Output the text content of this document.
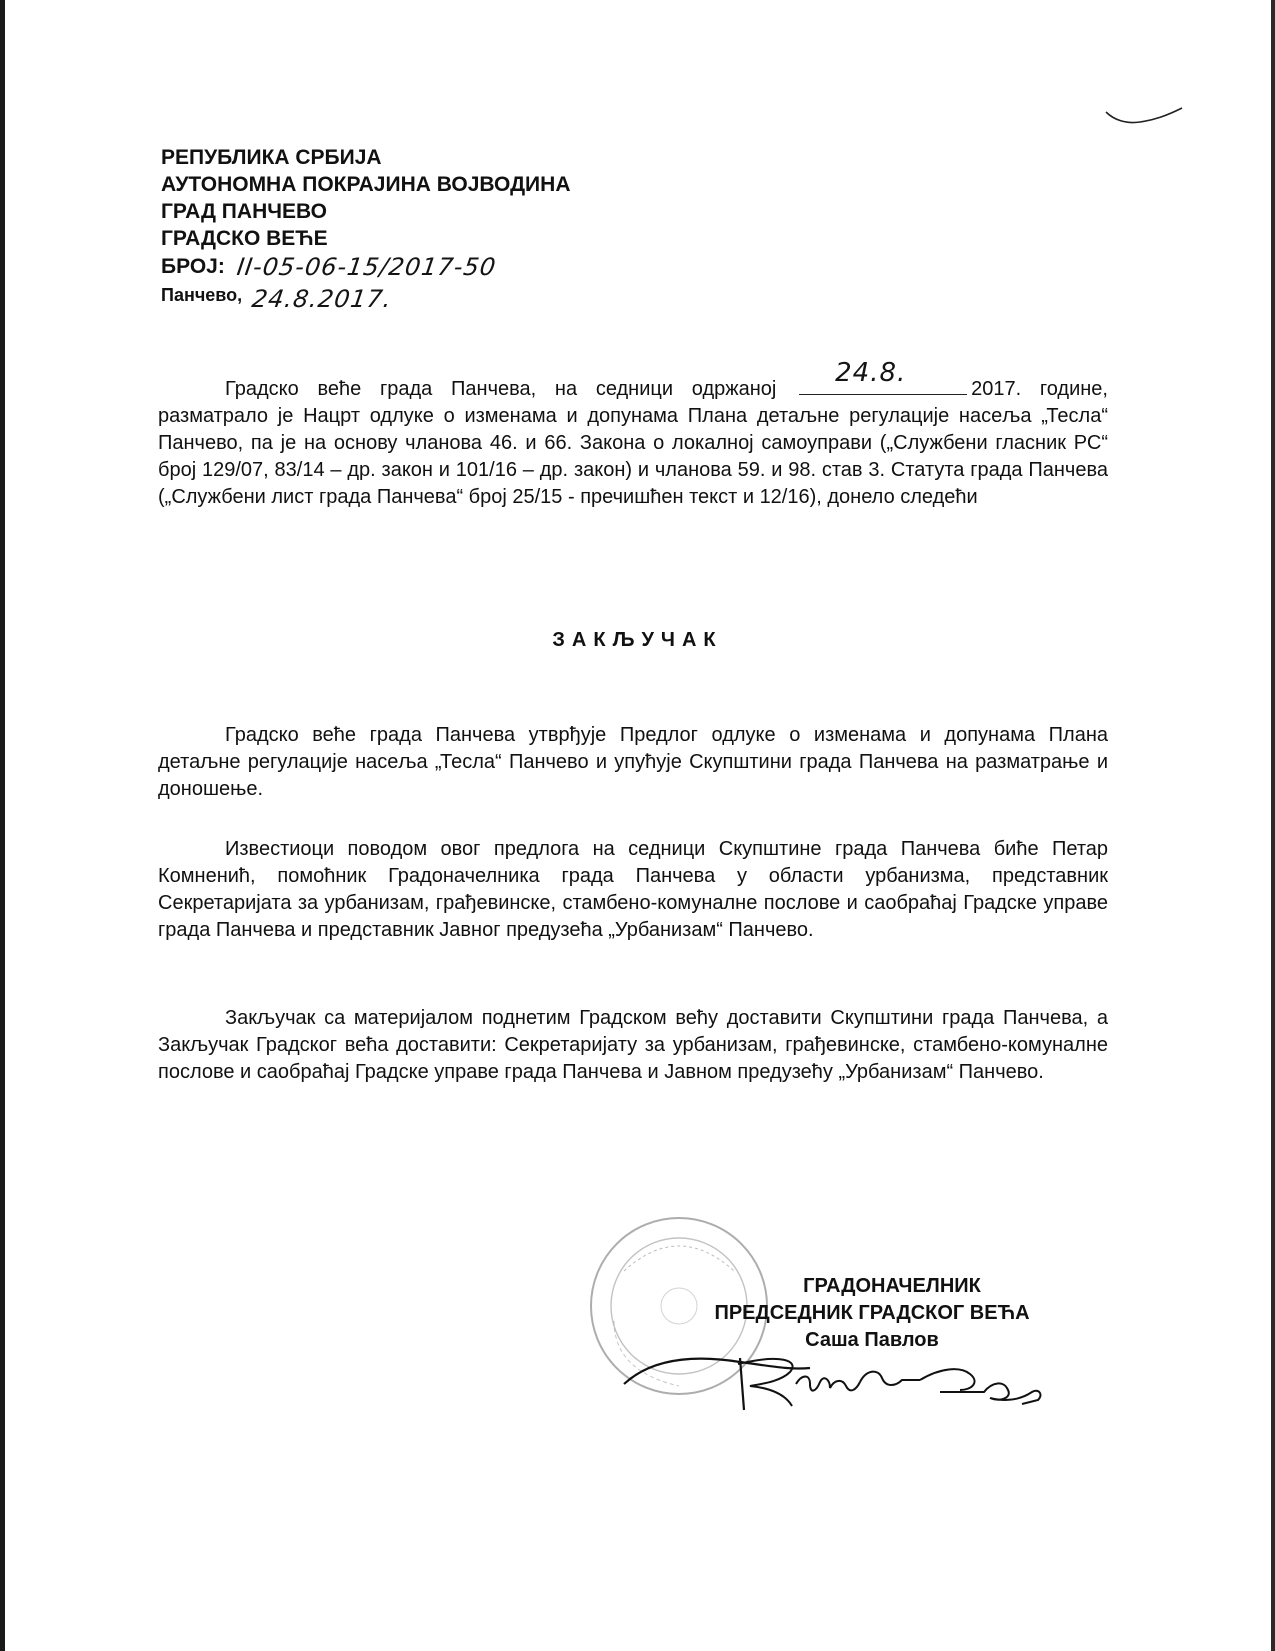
РЕПУБЛИКА СРБИЈА
АУТОНОМНА ПОКРАЈИНА ВОЈВОДИНА
ГРАД ПАНЧЕВО
ГРАДСКО ВЕЋЕ
БРОЈ: II-05-06-15/2017-50
Панчево, 24.8.2017.
Градско веће града Панчева, на седници одржаној
24.8.
2017. године,
разматрало је Нацрт одлуке о изменама и допунама Плана детаљне регулације насеља „Тесла“ Панчево, па је на основу чланова 46. и 66. Закона о локалној самоуправи („Службени гласник РС“ број 129/07, 83/14 – др. закон и 101/16 – др. закон) и чланова 59. и 98. став 3. Статута града Панчева („Службени лист града Панчева“ број 25/15 - пречишћен текст и 12/16), донело следећи
ЗАКЉУЧАК
Градско веће града Панчева утврђује Предлог одлуке о изменама и допунама Плана детаљне регулације насеља „Тесла“ Панчево и упућује Скупштини града Панчева на разматрање и доношење.
Известиоци поводом овог предлога на седници Скупштине града Панчева биће Петар Комненић, помоћник Градоначелника града Панчева у области урбанизма, представник Секретаријата за урбанизам, грађевинске, стамбено-комуналне послове и саобраћај Градске управе града Панчева и представник Јавног предузећа „Урбанизам“ Панчево.
Закључак са материјалом поднетим Градском већу доставити Скупштини града Панчева, а Закључак Градског већа доставити: Секретаријату за урбанизам, грађевинске, стамбено-комуналне послове и саобраћај Градске управе града Панчева и Јавном предузећу „Урбанизам“ Панчево.
ГРАДОНАЧЕЛНИК
ПРЕДСЕДНИК ГРАДСКОГ ВЕЋА
Саша Павлов
